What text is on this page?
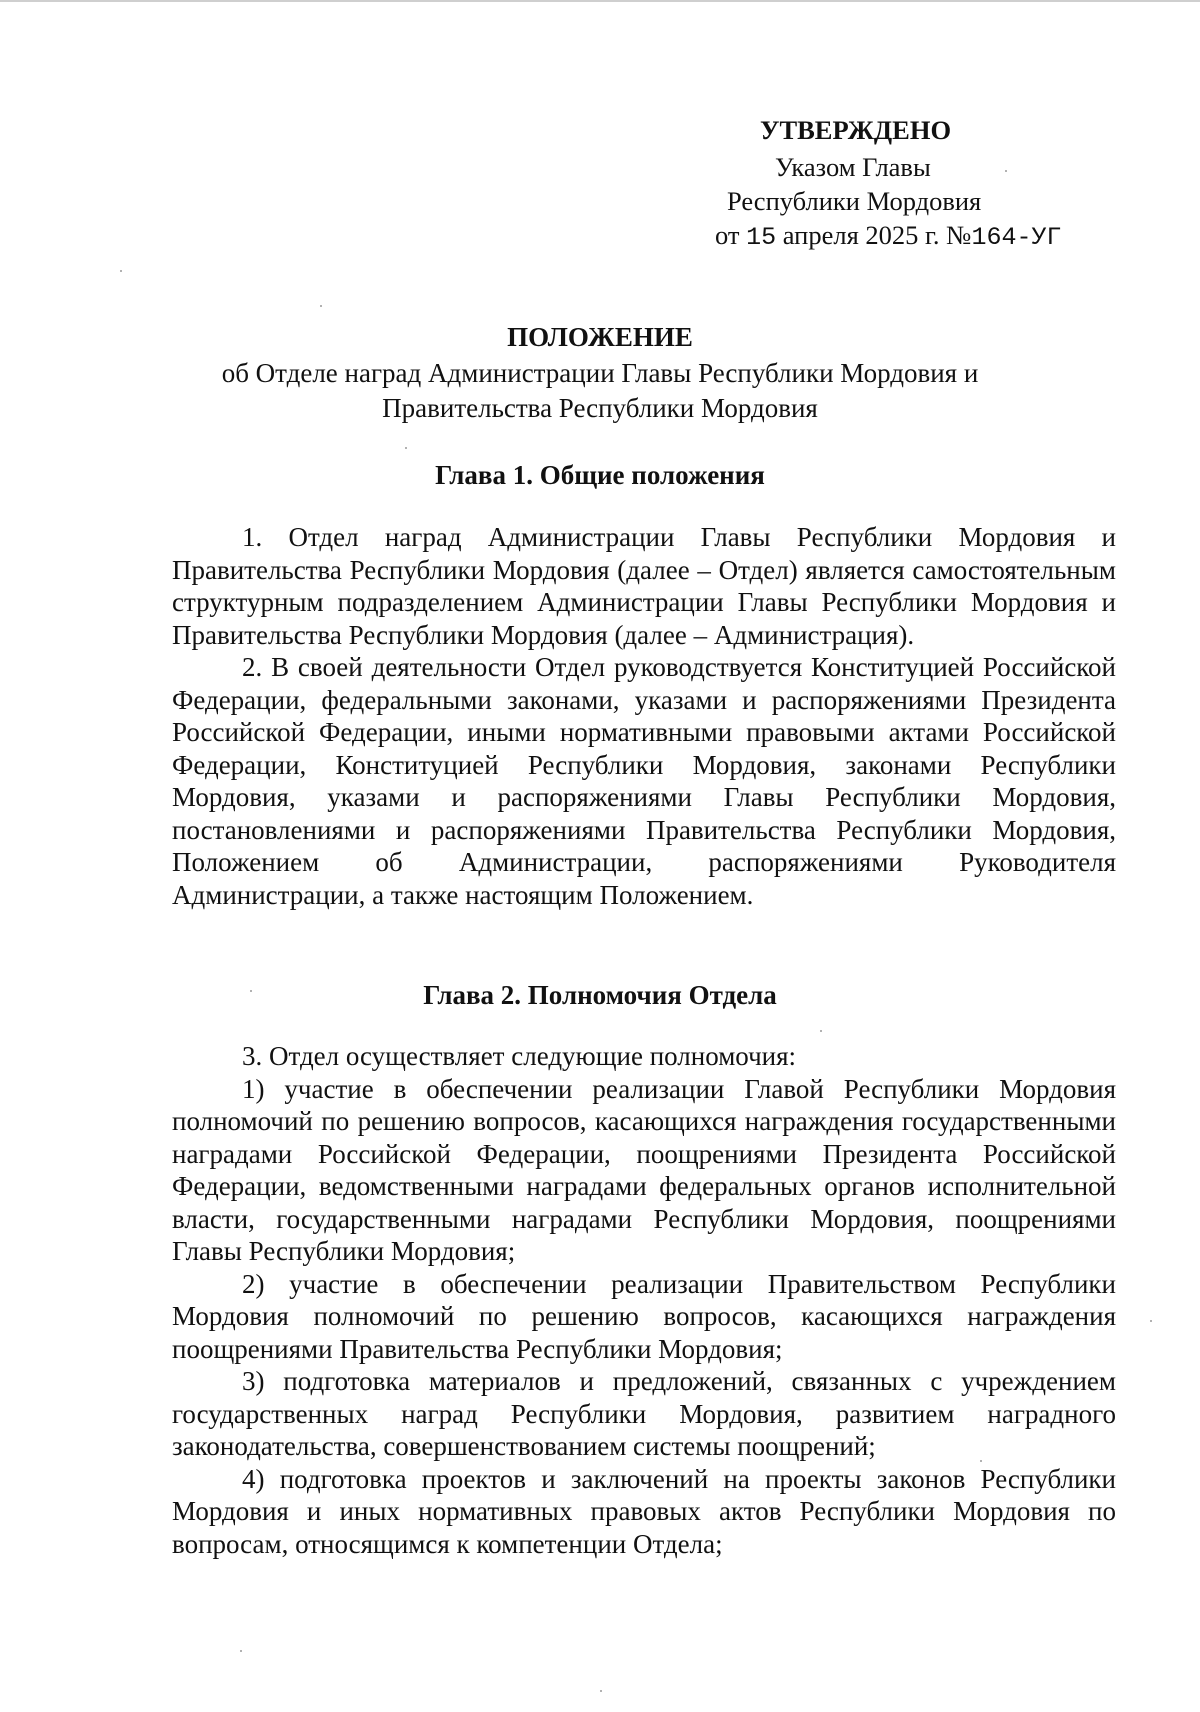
УТВЕРЖДЕНО
Указом Главы
Республики Мордовия
от 15 апреля 2025 г. №164-УГ
ПОЛОЖЕНИЕ
об Отделе наград Администрации Главы Республики Мордовия и
Правительства Республики Мордовия
Глава 1. Общие положения

1. Отдел наград Администрации Главы Республики Мордовия и Правительства Республики Мордовия (далее – Отдел) является самостоятельным структурным подразделением Администрации Главы Республики Мордовия и Правительства Республики Мордовия (далее – Администрация).

2. В своей деятельности Отдел руководствуется Конституцией Российской Федерации, федеральными законами, указами и распоряжениями Президента Российской Федерации, иными нормативными правовыми актами Российской Федерации, Конституцией Республики Мордовия, законами Республики Мордовия, указами и распоряжениями Главы Республики Мордовия, постановлениями и распоряжениями Правительства Республики Мордовия, Положением об Администрации, распоряжениями Руководителя Администрации, а также настоящим Положением.

Глава 2. Полномочия Отдела

3. Отдел осуществляет следующие полномочия:

1) участие в обеспечении реализации Главой Республики Мордовия полномочий по решению вопросов, касающихся награждения государственными наградами Российской Федерации, поощрениями Президента Российской Федерации, ведомственными наградами федеральных органов исполнительной власти, государственными наградами Республики Мордовия, поощрениями Главы Республики Мордовия;

2) участие в обеспечении реализации Правительством Республики Мордовия полномочий по решению вопросов, касающихся награждения поощрениями Правительства Республики Мордовия;

3) подготовка материалов и предложений, связанных с учреждением государственных наград Республики Мордовия, развитием наградного законодательства, совершенствованием системы поощрений;

4) подготовка проектов и заключений на проекты законов Республики Мордовия и иных нормативных правовых актов Республики Мордовия по вопросам, относящимся к компетенции Отдела;
